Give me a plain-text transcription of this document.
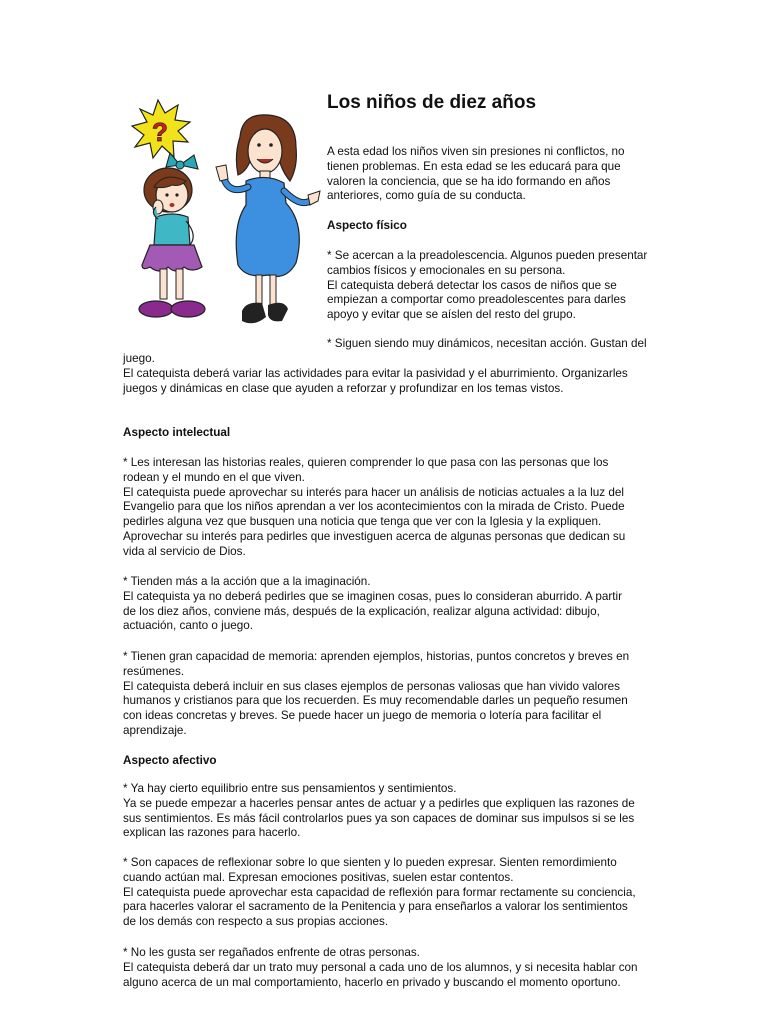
?
Los niños de diez años

A esta edad los niños viven sin presiones ni conflictos, no
tienen problemas. En esta edad se les educará para que
valoren la conciencia, que se ha ido formando en años
anteriores, como guía de su conducta.

Aspecto físico

* Se acercan a la preadolescencia. Algunos pueden presentar
cambios físicos y emocionales en su persona.
El catequista deberá detectar los casos de niños que se
empiezan a comportar como preadolescentes para darles
apoyo y evitar que se aíslen del resto del grupo.

* Siguen siendo muy dinámicos, necesitan acción. Gustan del

juego.
El catequista deberá variar las actividades para evitar la pasividad y el aburrimiento. Organizarles
juegos y dinámicas en clase que ayuden a reforzar y profundizar en los temas vistos.

Aspecto intelectual

* Les interesan las historias reales, quieren comprender lo que pasa con las personas que los
rodean y el mundo en el que viven.
El catequista puede aprovechar su interés para hacer un análisis de noticias actuales a la luz del
Evangelio para que los niños aprendan a ver los acontecimientos con la mirada de Cristo. Puede
pedirles alguna vez que busquen una noticia que tenga que ver con la Iglesia y la expliquen.
Aprovechar su interés para pedirles que investiguen acerca de algunas personas que dedican su
vida al servicio de Dios.

* Tienden más a la acción que a la imaginación.
El catequista ya no deberá pedirles que se imaginen cosas, pues lo consideran aburrido. A partir
de los diez años, conviene más, después de la explicación, realizar alguna actividad: dibujo,
actuación, canto o juego.

* Tienen gran capacidad de memoria: aprenden ejemplos, historias, puntos concretos y breves en
resúmenes.
El catequista deberá incluir en sus clases ejemplos de personas valiosas que han vivido valores
humanos y cristianos para que los recuerden. Es muy recomendable darles un pequeño resumen
con ideas concretas y breves. Se puede hacer un juego de memoria o lotería para facilitar el
aprendizaje.

Aspecto afectivo

* Ya hay cierto equilibrio entre sus pensamientos y sentimientos.
Ya se puede empezar a hacerles pensar antes de actuar y a pedirles que expliquen las razones de
sus sentimientos. Es más fácil controlarlos pues ya son capaces de dominar sus impulsos si se les
explican las razones para hacerlo.

* Son capaces de reflexionar sobre lo que sienten y lo pueden expresar. Sienten remordimiento
cuando actúan mal. Expresan emociones positivas, suelen estar contentos.
El catequista puede aprovechar esta capacidad de reflexión para formar rectamente su conciencia,
para hacerles valorar el sacramento de la Penitencia y para enseñarlos a valorar los sentimientos
de los demás con respecto a sus propias acciones.

* No les gusta ser regañados enfrente de otras personas.
El catequista deberá dar un trato muy personal a cada uno de los alumnos, y si necesita hablar con
alguno acerca de un mal comportamiento, hacerlo en privado y buscando el momento oportuno.
